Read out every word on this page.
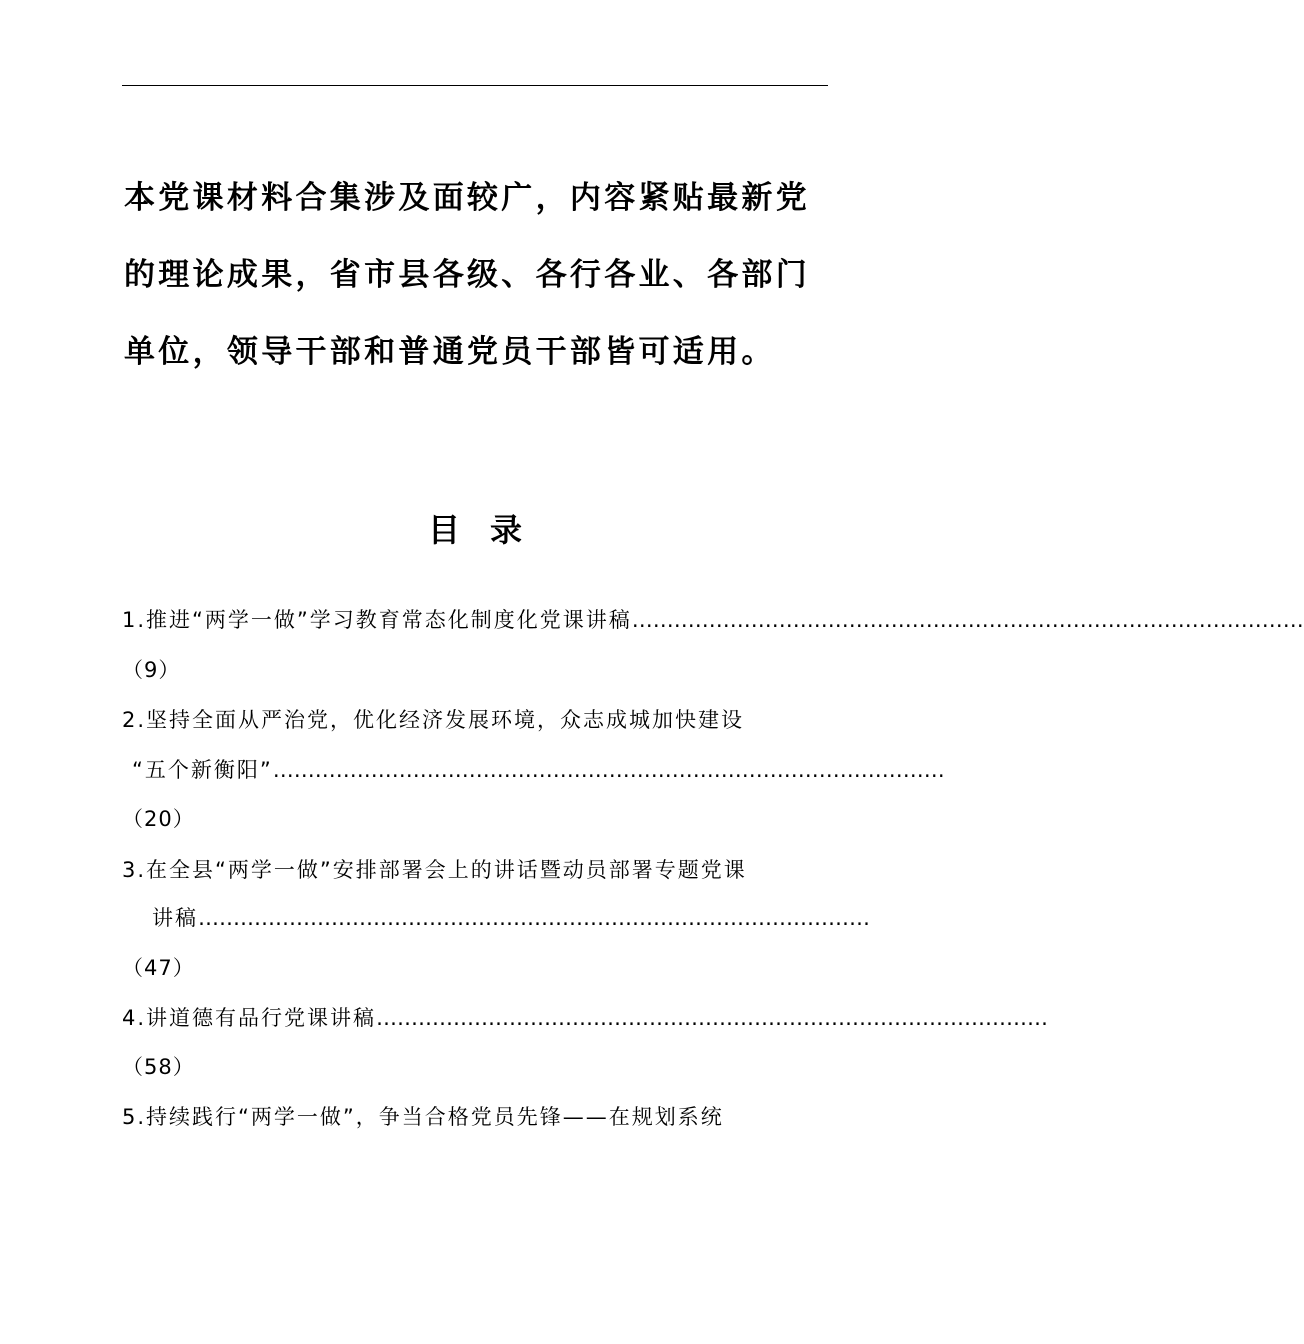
本党课材料合集涉及面较广，内容紧贴最新党的理论成果，省市县各级、各行各业、各部门单位，领导干部和普通党员干部皆可适用。

目录
1.推进“两学一做”学习教育常态化制度化党课讲稿 ……………………………………………………………………………………
（9）
2.坚持全面从严治党，优化经济发展环境，众志成城加快建设
“五个新衡阳” ……………………………………………………………………………………
（20）
3.在全县“两学一做”安排部署会上的讲话暨动员部署专题党课
讲稿 ……………………………………………………………………………………
（47）
4.讲道德有品行党课讲稿 ……………………………………………………………………………………
（58）
5.持续践行“两学一做”，争当合格党员先锋——在规划系统
